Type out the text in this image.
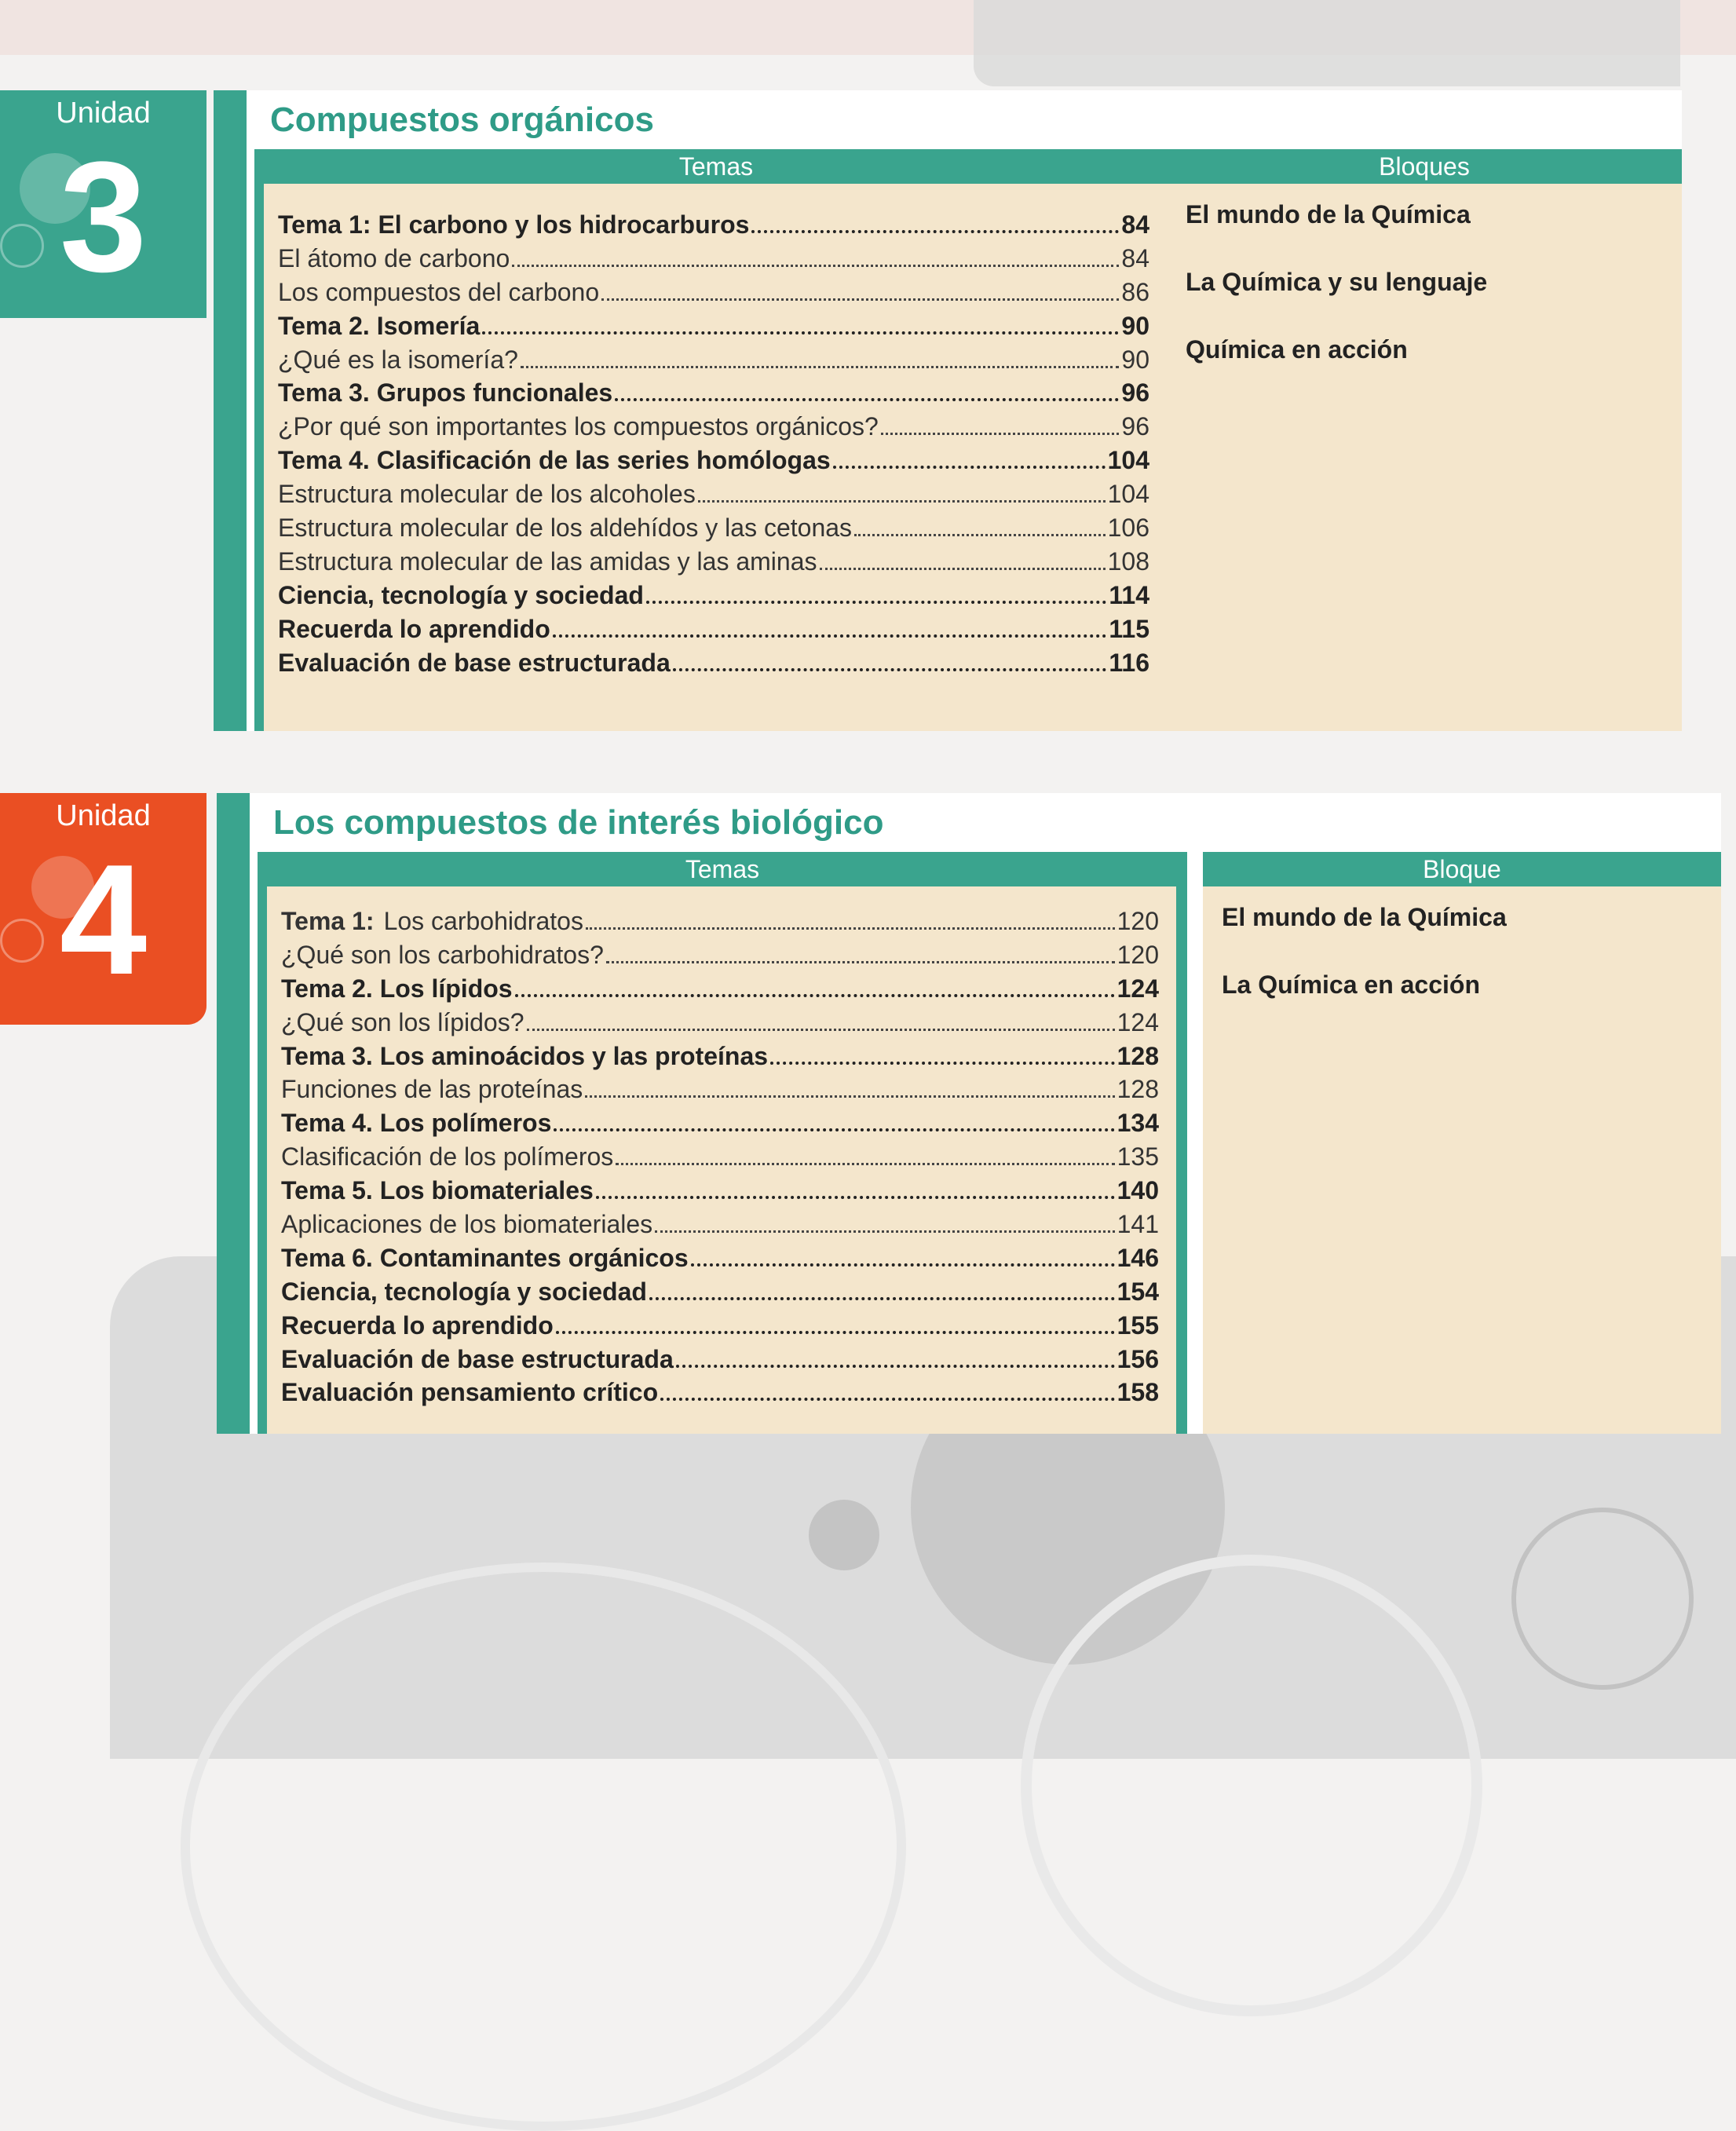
Unidad
3
Compuestos orgánicos
Temas
Tema 1: El carbono y los hidrocarburos	84
El átomo de carbono	84
Los compuestos del carbono	86
Tema 2. Isomería	90
¿Qué es la isomería?	90
Tema 3. Grupos funcionales	96
¿Por qué son importantes los compuestos orgánicos?	96
Tema 4. Clasificación de las series homólogas	104
Estructura molecular de los alcoholes	104
Estructura molecular de los aldehídos y las cetonas	106
Estructura molecular de las amidas y las aminas	108
Ciencia, tecnología y sociedad	114
Recuerda lo aprendido	115
Evaluación de base estructurada	116
Bloques
El mundo de la Química
La Química y su lenguaje
Química en acción
Unidad
4
Los compuestos de interés biológico
Temas
Tema 1: Los carbohidratos	120
¿Qué son los carbohidratos?	120
Tema 2. Los lípidos	124
¿Qué son los lípidos?	124
Tema 3. Los aminoácidos y las proteínas	128
Funciones de las proteínas	128
Tema 4. Los polímeros	134
Clasificación de los polímeros	135
Tema 5. Los biomateriales	140
Aplicaciones de los biomateriales	141
Tema 6. Contaminantes orgánicos	146
Ciencia, tecnología y sociedad	154
Recuerda lo aprendido	155
Evaluación de base estructurada	156
Evaluación pensamiento crítico	158
Bloque
El mundo de la Química
La Química en acción
